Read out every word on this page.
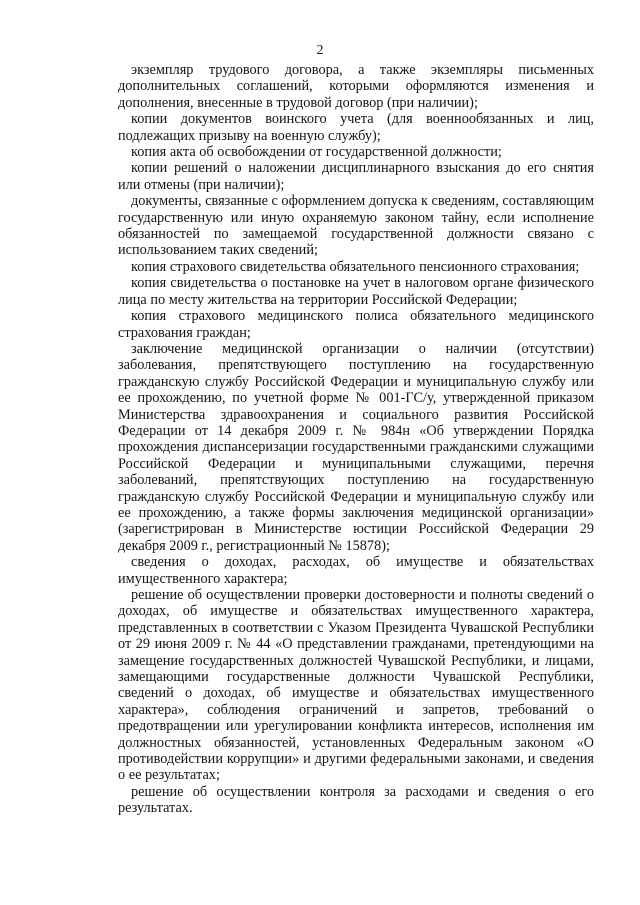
2

экземпляр трудового договора, а также экземпляры письменных дополнительных соглашений, которыми оформляются изменения и дополнения, внесенные в трудовой договор (при наличии);

копии документов воинского учета (для военнообязанных и лиц, подлежащих призыву на военную службу);

копия акта об освобождении от государственной должности;

копии решений о наложении дисциплинарного взыскания до его снятия или отмены (при наличии);

документы, связанные с оформлением допуска к сведениям, составляющим государственную или иную охраняемую законом тайну, если исполнение обязанностей по замещаемой государственной должности связано с использованием таких сведений;

копия страхового свидетельства обязательного пенсионного страхования;

копия свидетельства о постановке на учет в налоговом органе физического лица по месту жительства на территории Российской Федерации;

копия страхового медицинского полиса обязательного медицинского страхования граждан;

заключение медицинской организации о наличии (отсутствии) заболевания, препятствующего поступлению на государственную гражданскую службу Российской Федерации и муниципальную службу или ее прохождению, по учетной форме № 001-ГС/у, утвержденной приказом Министерства здравоохранения и социального развития Российской Федерации от 14 декабря 2009 г. № 984н «Об утверждении Порядка прохождения диспансеризации государственными гражданскими служащими Российской Федерации и муниципальными служащими, перечня заболеваний, препятствующих поступлению на государственную гражданскую службу Российской Федерации и муниципальную службу или ее прохождению, а также формы заключения медицинской организации» (зарегистрирован в Министерстве юстиции Российской Федерации 29 декабря 2009 г., регистрационный № 15878);

сведения о доходах, расходах, об имуществе и обязательствах имущественного характера;

решение об осуществлении проверки достоверности и полноты сведений о доходах, об имуществе и обязательствах имущественного характера, представленных в соответствии с Указом Президента Чувашской Республики от 29 июня 2009 г. № 44 «О представлении гражданами, претендующими на замещение государственных должностей Чувашской Республики, и лицами, замещающими государственные должности Чувашской Республики, сведений о доходах, об имуществе и обязательствах имущественного характера», соблюдения ограничений и запретов, требований о предотвращении или урегулировании конфликта интересов, исполнения им должностных обязанностей, установленных Федеральным законом «О противодействии коррупции» и другими федеральными законами, и сведения о ее результатах;

решение об осуществлении контроля за расходами и сведения о его результатах.
